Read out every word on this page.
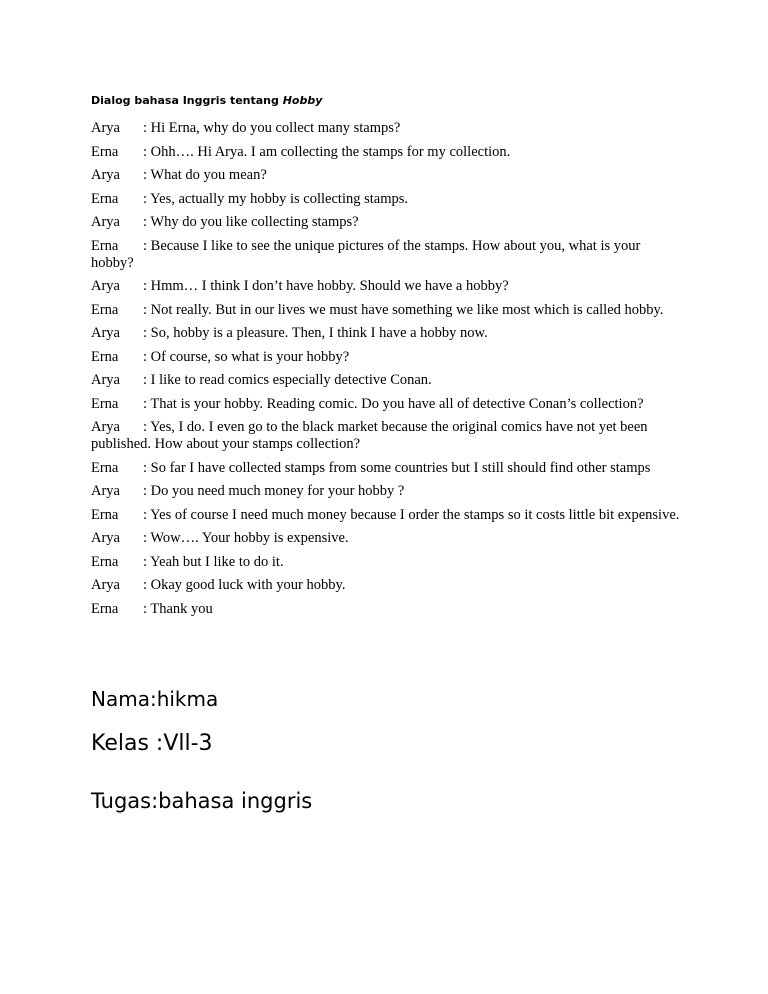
Dialog bahasa Inggris tentang Hobby
Arya : Hi Erna, why do you collect many stamps?
Erna : Ohh…. Hi Arya. I am collecting the stamps for my collection.
Arya : What do you mean?
Erna : Yes, actually my hobby is collecting stamps.
Arya : Why do you like collecting stamps?
Erna : Because I like to see the unique pictures of the stamps. How about you, what is your hobby?
Arya : Hmm… I think I don’t have hobby. Should we have a hobby?
Erna : Not really. But in our lives we must have something we like most which is called hobby.
Arya : So, hobby is a pleasure. Then, I think I have a hobby now.
Erna : Of course, so what is your hobby?
Arya : I like to read comics especially detective Conan.
Erna : That is your hobby. Reading comic. Do you have all of detective Conan’s collection?
Arya : Yes, I do. I even go to the black market because the original comics have not yet been published. How about your stamps collection?
Erna : So far I have collected stamps from some countries but I still should find other stamps
Arya : Do you need much money for your hobby ?
Erna : Yes of course I need much money because I order the stamps so it costs little bit expensive.
Arya : Wow…. Your hobby is expensive.
Erna : Yeah but I like to do it.
Arya : Okay good luck with your hobby.
Erna : Thank you
Nama:hikma
Kelas :Vll-3
Tugas:bahasa inggris
